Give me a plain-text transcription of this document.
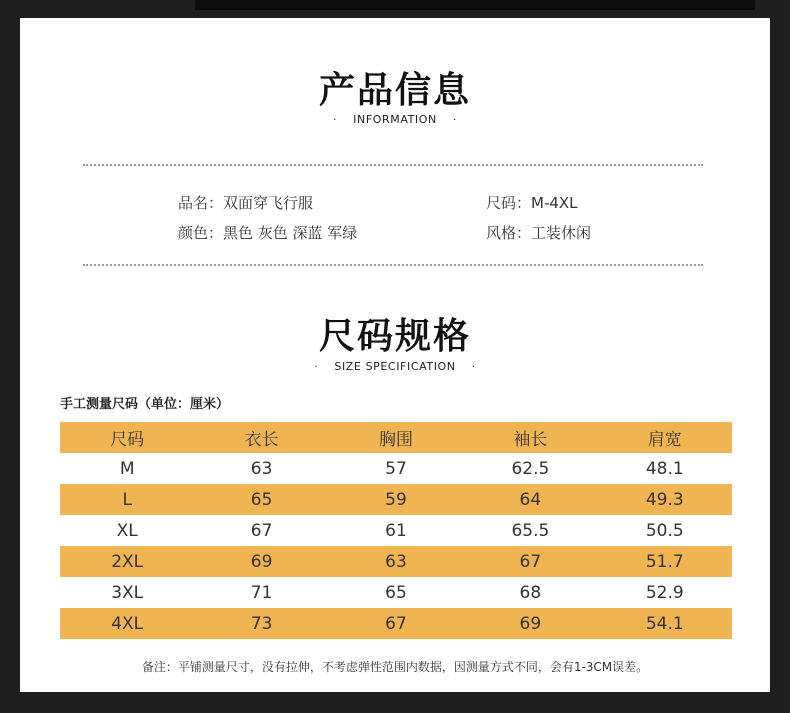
产品信息
· INFORMATION ·
品名：双面穿飞行服	尺码：M-4XL
颜色：黑色 灰色 深蓝 军绿	风格：工装休闲
尺码规格
· SIZE SPECIFICATION ·
手工测量尺码（单位：厘米）
尺码	衣长	胸围	袖长	肩宽
M	63	57	62.5	48.1
L	65	59	64	49.3
XL	67	61	65.5	50.5
2XL	69	63	67	51.7
3XL	71	65	68	52.9
4XL	73	67	69	54.1
备注：平铺测量尺寸，没有拉伸，不考虑弹性范围内数据，因测量方式不同，会有1-3CM误差。
